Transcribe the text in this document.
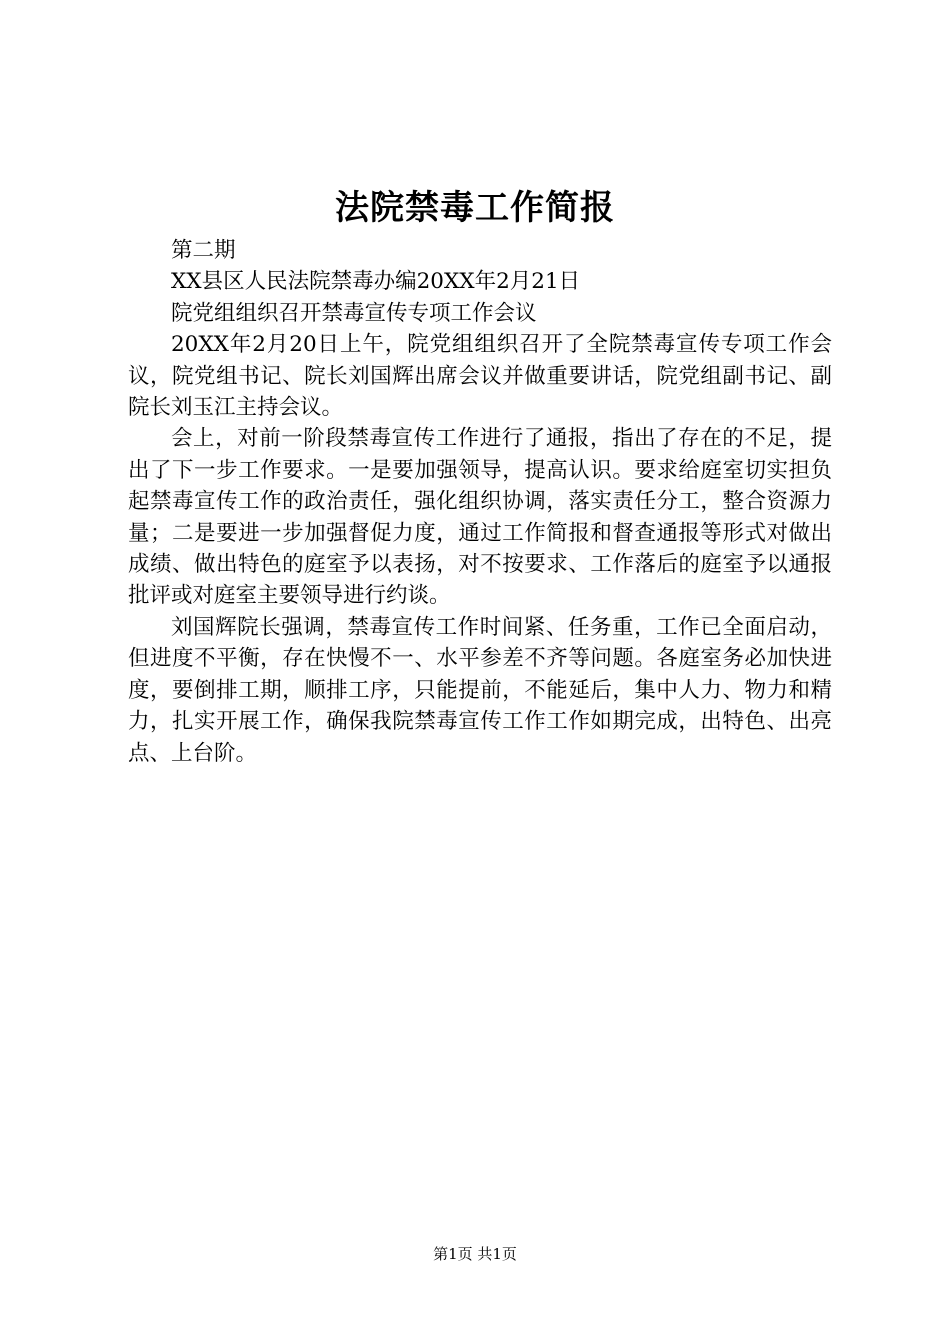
法院禁毒工作简报

第二期

XX县区人民法院禁毒办编20XX年2月21日

院党组组织召开禁毒宣传专项工作会议

20XX年2月20日上午，院党组组织召开了全院禁毒宣传专项工作会议，院党组书记、院长刘国辉出席会议并做重要讲话，院党组副书记、副院长刘玉江主持会议。

会上，对前一阶段禁毒宣传工作进行了通报，指出了存在的不足，提出了下一步工作要求。一是要加强领导，提高认识。要求给庭室切实担负起禁毒宣传工作的政治责任，强化组织协调，落实责任分工，整合资源力量；二是要进一步加强督促力度，通过工作简报和督查通报等形式对做出成绩、做出特色的庭室予以表扬，对不按要求、工作落后的庭室予以通报批评或对庭室主要领导进行约谈。

刘国辉院长强调，禁毒宣传工作时间紧、任务重，工作已全面启动，但进度不平衡，存在快慢不一、水平参差不齐等问题。各庭室务必加快进度，要倒排工期，顺排工序，只能提前，不能延后，集中人力、物力和精力，扎实开展工作，确保我院禁毒宣传工作工作如期完成，出特色、出亮点、上台阶。

第1页 共1页
